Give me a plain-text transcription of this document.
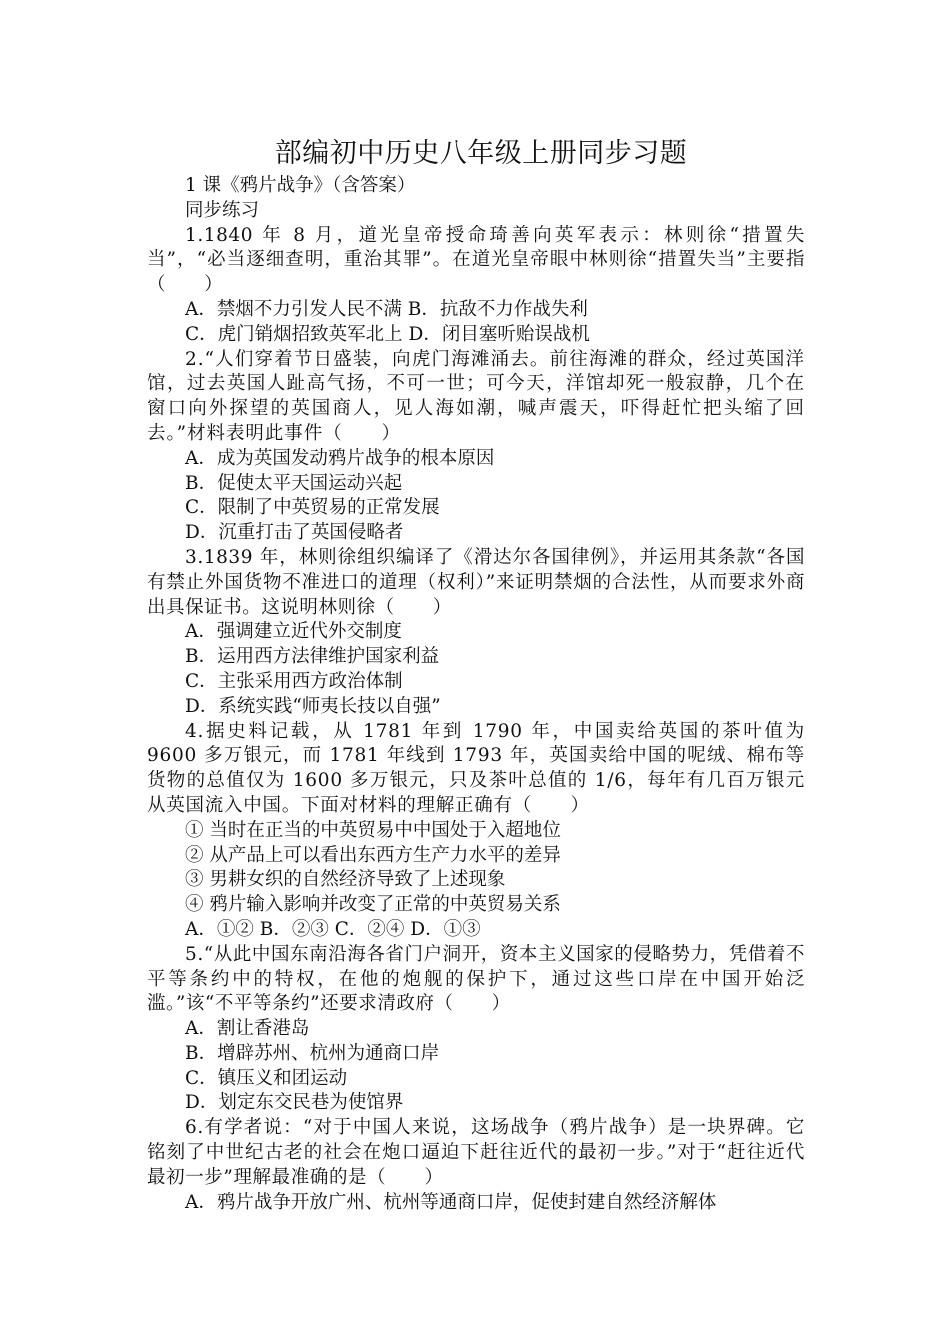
部编初中历史八年级上册同步习题

1 课《鸦片战争》（含答案）

同步练习

1.1840 年 8 月，道光皇帝授命琦善向英军表示：林则徐“措置失当”，“必当逐细查明，重治其罪”。在道光皇帝眼中林则徐“措置失当”主要指（　　）

A．禁烟不力引发人民不满 B．抗敌不力作战失利

C．虎门销烟招致英军北上 D．闭目塞听贻误战机

2.“人们穿着节日盛装，向虎门海滩涌去。前往海滩的群众，经过英国洋馆，过去英国人趾高气扬，不可一世；可今天，洋馆却死一般寂静，几个在窗口向外探望的英国商人，见人海如潮，喊声震天，吓得赶忙把头缩了回去。”材料表明此事件（　　）

A．成为英国发动鸦片战争的根本原因

B．促使太平天国运动兴起

C．限制了中英贸易的正常发展

D．沉重打击了英国侵略者

3.1839 年，林则徐组织编译了《滑达尔各国律例》，并运用其条款“各国有禁止外国货物不准进口的道理（权利）”来证明禁烟的合法性，从而要求外商出具保证书。这说明林则徐（　　）

A．强调建立近代外交制度

B．运用西方法律维护国家利益

C．主张采用西方政治体制

D．系统实践“师夷长技以自强”

4.据史料记载，从 1781 年到 1790 年，中国卖给英国的茶叶值为 9600 多万银元，而 1781 年线到 1793 年，英国卖给中国的呢绒、棉布等货物的总值仅为 1600 多万银元，只及茶叶总值的 1/6，每年有几百万银元从英国流入中国。下面对材料的理解正确有（　　）

① 当时在正当的中英贸易中中国处于入超地位

② 从产品上可以看出东西方生产力水平的差异

③ 男耕女织的自然经济导致了上述现象

④ 鸦片输入影响并改变了正常的中英贸易关系

A．①② B．②③ C．②④ D．①③

5.“从此中国东南沿海各省门户洞开，资本主义国家的侵略势力，凭借着不平等条约中的特权，在他的炮舰的保护下，通过这些口岸在中国开始泛滥。”该“不平等条约”还要求清政府（　　）

A．割让香港岛

B．增辟苏州、杭州为通商口岸

C．镇压义和团运动

D．划定东交民巷为使馆界

6.有学者说：“对于中国人来说，这场战争（鸦片战争）是一块界碑。它铭刻了中世纪古老的社会在炮口逼迫下赶往近代的最初一步。”对于“赶往近代最初一步”理解最准确的是（　　）

A．鸦片战争开放广州、杭州等通商口岸，促使封建自然经济解体
